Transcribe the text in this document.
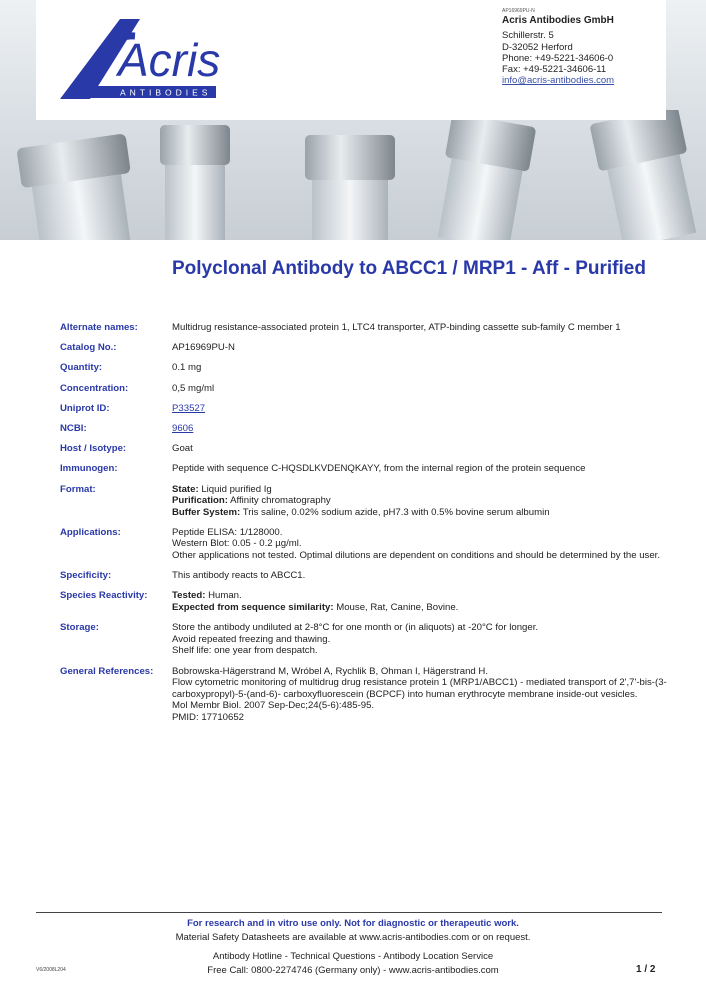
Acris
ANTIBODIES
AP16969PU-N
Acris Antibodies GmbH
Schillerstr. 5
D-32052 Herford
Phone: +49-5221-34606-0
Fax: +49-5221-34606-11
info@acris-antibodies.com
Polyclonal Antibody to ABCC1 / MRP1 - Aff - Purified
Alternate names:	Multidrug resistance-associated protein 1, LTC4 transporter, ATP-binding cassette sub-family C member 1
Catalog No.:	AP16969PU-N
Quantity:	0.1 mg
Concentration:	0,5 mg/ml
Uniprot ID:	P33527
NCBI:	9606
Host / Isotype:	Goat
Immunogen:	Peptide with sequence C-HQSDLKVDENQKAYY, from the internal region of the protein sequence
Format:	State: Liquid purified Ig
Purification: Affinity chromatography
Buffer System: Tris saline, 0.02% sodium azide, pH7.3 with 0.5% bovine serum albumin
Applications:	Peptide ELISA: 1/128000.
Western Blot: 0.05 - 0.2 µg/ml.
Other applications not tested. Optimal dilutions are dependent on conditions and should be determined by the user.
Specificity:	This antibody reacts to ABCC1.
Species Reactivity:	Tested: Human.
Expected from sequence similarity: Mouse, Rat, Canine, Bovine.
Storage:	Store the antibody undiluted at 2-8°C for one month or (in aliquots) at -20°C for longer.
Avoid repeated freezing and thawing.
Shelf life: one year from despatch.
General References:	Bobrowska-Hägerstrand M, Wróbel A, Rychlik B, Ohman I, Hägerstrand H.
Flow cytometric monitoring of multidrug drug resistance protein 1 (MRP1/ABCC1) - mediated transport of 2',7'-bis-(3-carboxypropyl)-5-(and-6)- carboxyfluorescein (BCPCF) into human erythrocyte membrane inside-out vesicles.
Mol Membr Biol. 2007 Sep-Dec;24(5-6):485-95.
PMID: 17710652
For research and in vitro use only. Not for diagnostic or therapeutic work.
Material Safety Datasheets are available at www.acris-antibodies.com or on request.
Antibody Hotline - Technical Questions - Antibody Location Service
Free Call: 0800-2274746 (Germany only) - www.acris-antibodies.com
V6/2008L204	1 / 2
